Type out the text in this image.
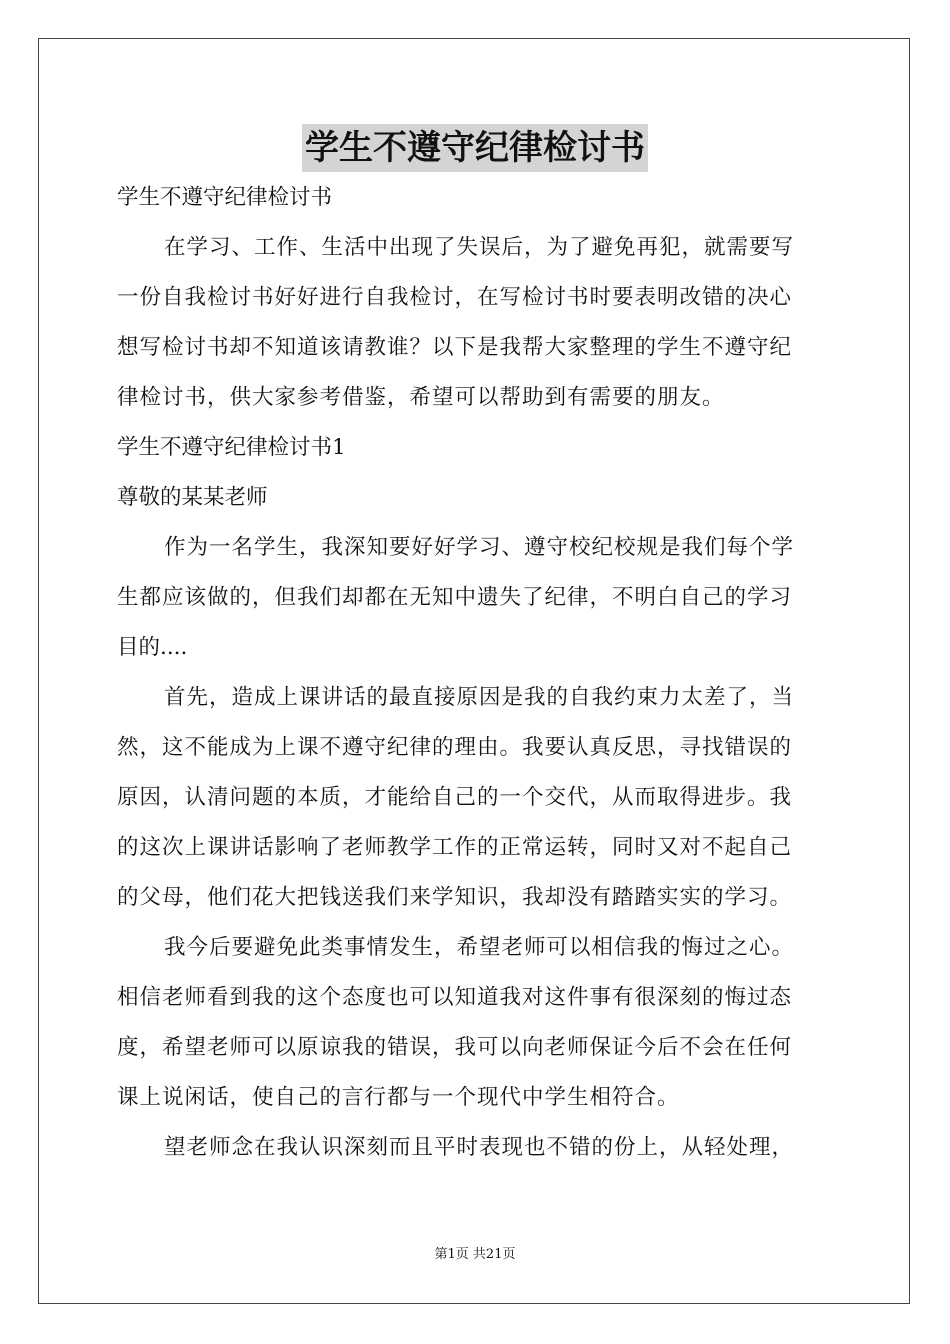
学生不遵守纪律检讨书
学生不遵守纪律检讨书
在学习、工作、生活中出现了失误后，为了避免再犯，就需要写
一份自我检讨书好好进行自我检讨，在写检讨书时要表明改错的决心
想写检讨书却不知道该请教谁？以下是我帮大家整理的学生不遵守纪
律检讨书，供大家参考借鉴，希望可以帮助到有需要的朋友。
学生不遵守纪律检讨书1
尊敬的某某老师
作为一名学生，我深知要好好学习、遵守校纪校规是我们每个学
生都应该做的，但我们却都在无知中遗失了纪律，不明白自己的学习
目的....
首先，造成上课讲话的最直接原因是我的自我约束力太差了，当
然，这不能成为上课不遵守纪律的理由。我要认真反思，寻找错误的
原因，认清问题的本质，才能给自己的一个交代，从而取得进步。我
的这次上课讲话影响了老师教学工作的正常运转，同时又对不起自己
的父母，他们花大把钱送我们来学知识，我却没有踏踏实实的学习。
我今后要避免此类事情发生，希望老师可以相信我的悔过之心。
相信老师看到我的这个态度也可以知道我对这件事有很深刻的悔过态
度，希望老师可以原谅我的错误，我可以向老师保证今后不会在任何
课上说闲话，使自己的言行都与一个现代中学生相符合。
望老师念在我认识深刻而且平时表现也不错的份上，从轻处理，
第1页 共21页
